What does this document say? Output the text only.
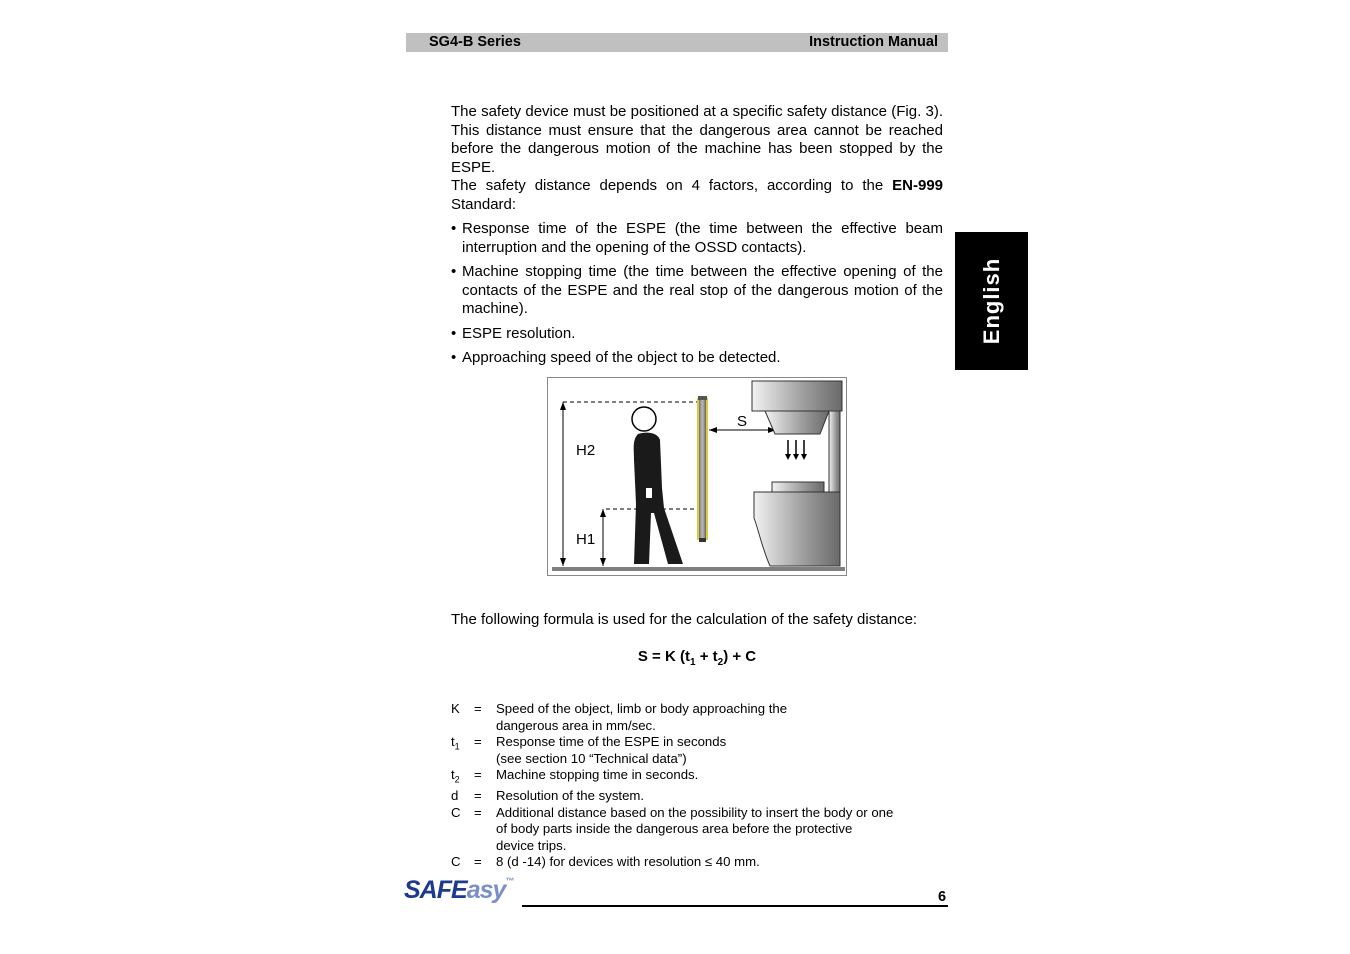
SG4-B Series	Instruction Manual
English

The safety device must be positioned at a specific safety distance (Fig. 3). This distance must ensure that the dangerous area cannot be reached before the dangerous motion of the machine has been stopped by the ESPE.

The safety distance depends on 4 factors, according to the EN-999 Standard:

• Response time of the ESPE (the time between the effective beam interruption and the opening of the OSSD contacts).
• Machine stopping time (the time between the effective opening of the contacts of the ESPE and the real stop of the dangerous motion of the machine).
• ESPE resolution.
• Approaching speed of the object to be detected.
H2
H1
S

The following formula is used for the calculation of the safety distance:

S = K $(t_1 + t_2) + C$
K	=	Speed of the object, limb or body approaching the
dangerous area in mm/sec.
$t_1$	=	Response time of the ESPE in seconds
(see section 10 “Technical data”)
$t_2$	=	Machine stopping time in seconds.
d	=	Resolution of the system.
C	=	Additional distance based on the possibility to insert the body or one
of body parts inside the dangerous area before the protective
device trips.
C	=	8 (d -14) for devices with resolution ≤ 40 mm.
SAFEasy™
6
